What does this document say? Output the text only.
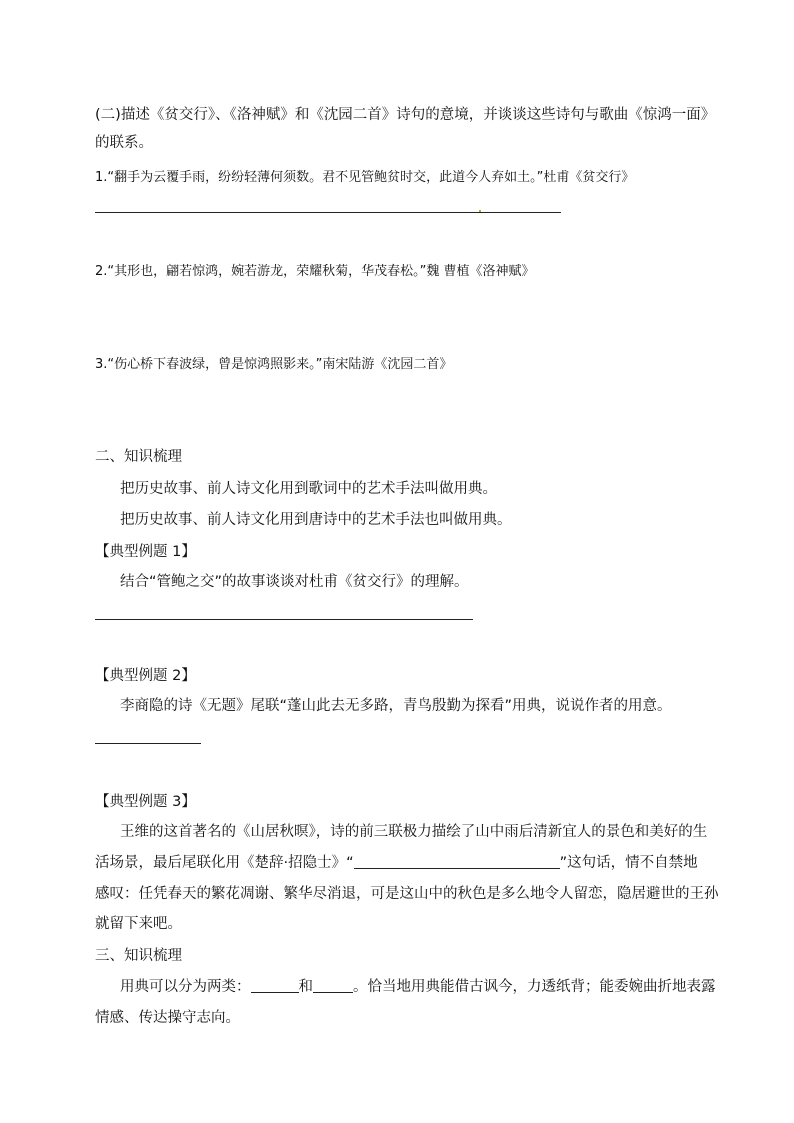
(二)描述《贫交行》、《洛神赋》和《沈园二首》诗句的意境，并谈谈这些诗句与歌曲《惊鸿一面》
的联系。
1.“翻手为云覆手雨，纷纷轻薄何须数。君不见管鲍贫时交，此道今人弃如土。”杜甫《贫交行》
2.“其形也，翩若惊鸿，婉若游龙，荣耀秋菊，华茂春松。”魏 曹植《洛神赋》
3.“伤心桥下春波绿，曾是惊鸿照影来。”南宋陆游《沈园二首》
二、知识梳理
把历史故事、前人诗文化用到歌词中的艺术手法叫做用典。
把历史故事、前人诗文化用到唐诗中的艺术手法也叫做用典。
【典型例题 1】
结合“管鲍之交”的故事谈谈对杜甫《贫交行》的理解。
【典型例题 2】
李商隐的诗《无题》尾联“蓬山此去无多路，青鸟殷勤为探看”用典，说说作者的用意。
【典型例题 3】
王维的这首著名的《山居秋暝》，诗的前三联极力描绘了山中雨后清新宜人的景色和美好的生
活场景，最后尾联化用《楚辞·招隐士》“	”这句话，情不自禁地
感叹：任凭春天的繁花凋谢、繁华尽消退，可是这山中的秋色是多么地令人留恋，隐居避世的王孙
就留下来吧。
三、知识梳理
用典可以分为两类：	和	。恰当地用典能借古讽今，力透纸背；能委婉曲折地表露
情感、传达操守志向。
